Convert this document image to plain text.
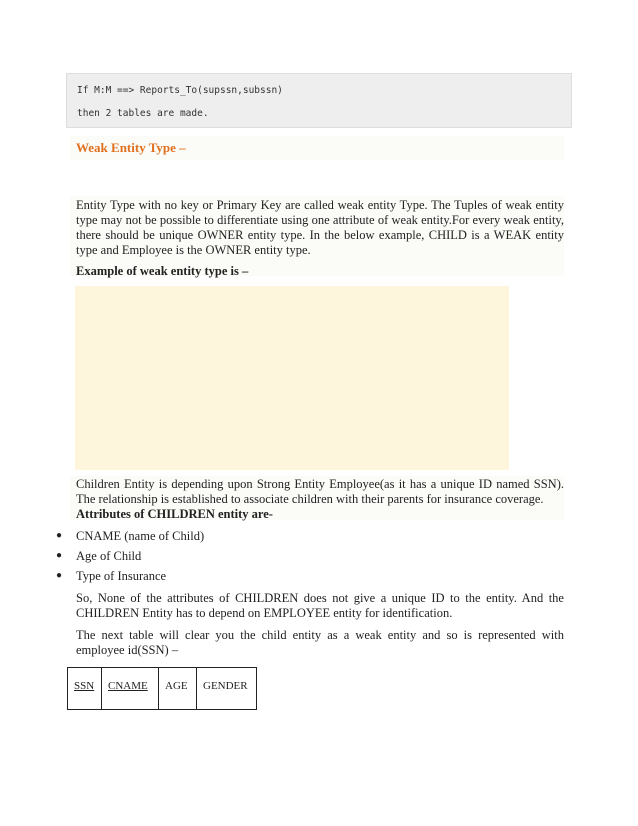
If M:M ==> Reports_To(supssn,subssn)
then 2 tables are made.
Weak Entity Type –
Entity Type with no key or Primary Key are called weak entity Type. The Tuples of weak entity type may not be possible to differentiate using one attribute of weak entity.For every weak entity, there should be unique OWNER entity type. In the below example, CHILD is a WEAK entity type and Employee is the OWNER entity type.
Example of weak entity type is –
Children Entity is depending upon Strong Entity Employee(as it has a unique ID named SSN). The relationship is established to associate children with their parents for insurance coverage.
Attributes of CHILDREN entity are-
● CNAME (name of Child)
● Age of Child
● Type of Insurance
So, None of the attributes of CHILDREN does not give a unique ID to the entity. And the CHILDREN Entity has to depend on EMPLOYEE entity for identification.
The next table will clear you the child entity as a weak entity and so is represented with employee id(SSN) –
SSN	CNAME	AGE	GENDER
